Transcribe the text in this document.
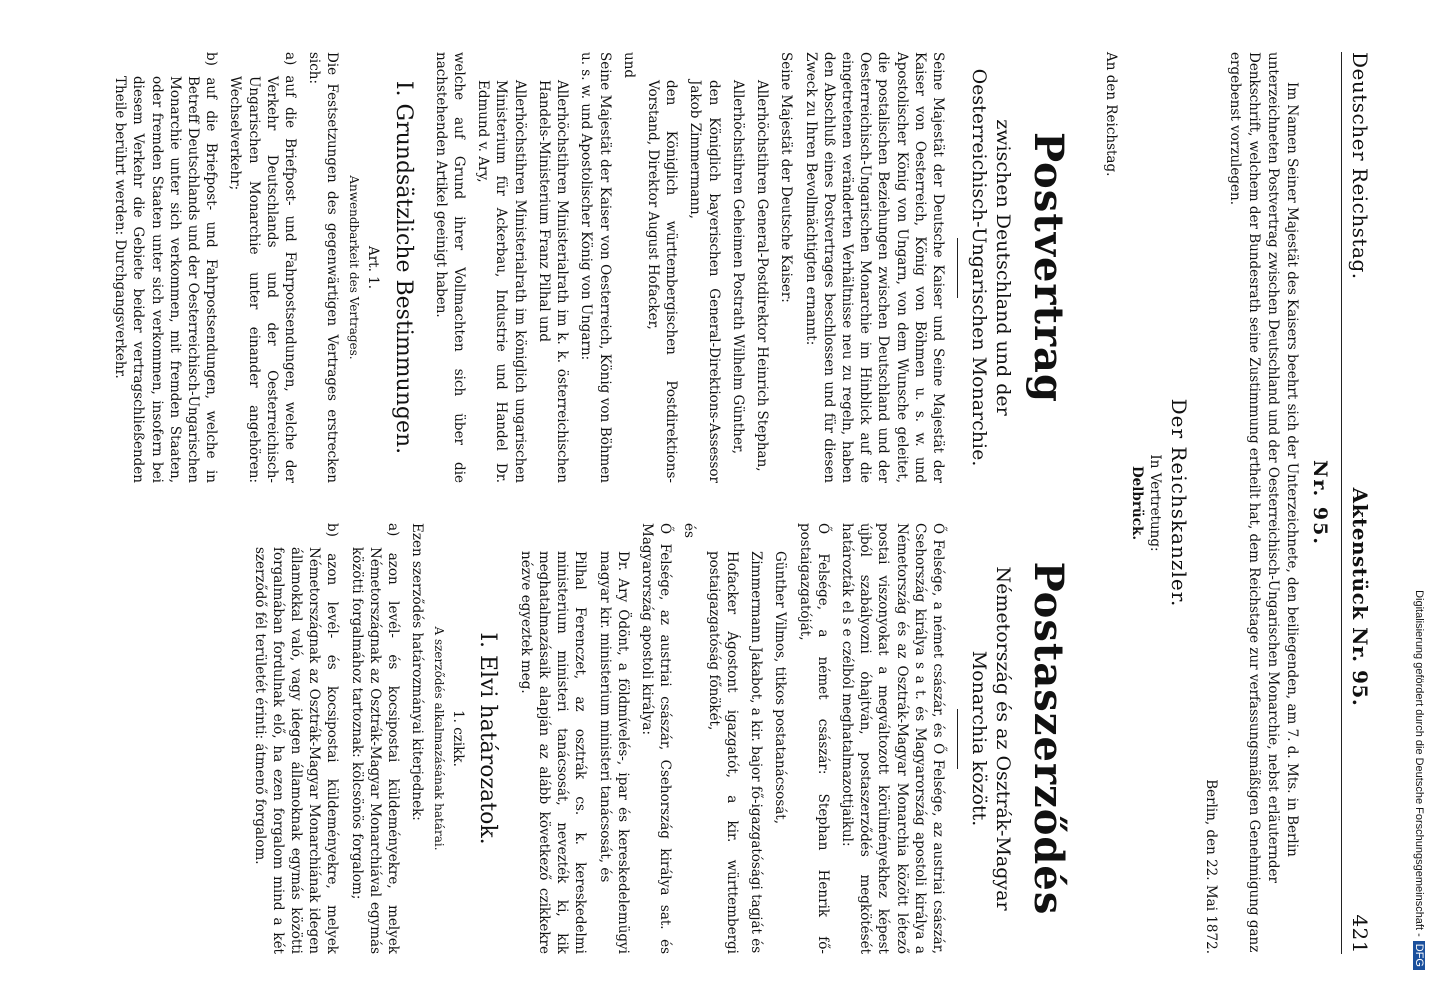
Deutscher Reichstag.
Aktenstück Nr. 95.
421
Nr. 95.

Im Namen Seiner Majestät des Kaisers beehrt sich der Unterzeichnete, den beiliegenden, am 7. d. Mts. in Berlin unterzeichneten Postvertrag zwischen Deutschland und der Oesterreichisch-Ungarischen Monarchie, nebst erläuternder Denkschrift, welchem der Bundesrath seine Zustimmung ertheilt hat, dem Reichstage zur verfassungsmäßigen Genehmigung ganz ergebenst vorzulegen.

Berlin, den 22. Mai 1872.
Der Reichskanzler.
In Vertretung:
Delbrück.
An den Reichstag.
Postvertrag
zwischen Deutschland und der Oesterreichisch-Ungarischen Monarchie.

Seine Majestät der Deutsche Kaiser und Seine Majestät der Kaiser von Oesterreich, König von Böhmen u. s. w. und Apostolischer König von Ungarn, von dem Wunsche geleitet, die postalischen Beziehungen zwischen Deutschland und der Oesterreichisch-Ungarischen Monarchie im Hinblick auf die eingetretenen veränderten Verhältnisse neu zu regeln, haben den Abschluß eines Postvertrages beschlossen und für diesen Zweck zu Ihren Bevollmächtigten ernannt:

Seine Majestät der Deutsche Kaiser:

Allerhöchstihren General-Postdirektor Heinrich Stephan,

Allerhöchstihren Geheimen Postrath Wilhelm Günther,

den Königlich bayerischen General-Direktions-Assessor Jakob Zimmermann,

den Königlich württembergischen Postdirektions-Vorstand, Direktor August Hofacker,

und

Seine Majestät der Kaiser von Oesterreich, König von Böhmen u. s. w. und Apostolischer König von Ungarn:

Allerhöchstihren Ministerialrath im k. k. österreichischen Handels-Ministerium Franz Pilhal und

Allerhöchstihren Ministerialrath im königlich ungarischen Ministerium für Ackerbau, Industrie und Handel Dr. Edmund v. Ary,

welche auf Grund ihrer Vollmachten sich über die nachstehenden Artikel geeinigt haben.

I. Grundsätzliche Bestimmungen.
Art. 1.
Anwendbarkeit des Vertrages.

Die Festsetzungen des gegenwärtigen Vertrages erstrecken sich:

a) auf die Briefpost- und Fahrpostsendungen, welche der Verkehr Deutschlands und der Oesterreichisch-Ungarischen Monarchie unter einander angehören: Wechselverkehr;

b) auf die Briefpost- und Fahrpostsendungen, welche in Betreff Deutschlands und der Oesterreichisch-Ungarischen Monarchie unter sich verkommen, mit fremden Staaten, oder fremden Staaten unter sich verkommen, insofern bei diesem Verkehr die Gebiete beider vertragschließenden Theile berührt werden: Durchgangsverkehr.

Postaszerződés
Németország és az Osztrák-Magyar Monarchia között.

Ő Felsége, a német császár, és Ő Felsége, az austriai császár, Csehország királya s a t. és Magyarország apostoli királya a Németország és az Osztrák-Magyar Monarchia között létező postai viszonyokat a megváltozott körülményekhez képest újból szabályozni óhajtván, postaszerződés megkötését határozták el s e czélból meghatalmazottjaikul:

Ő Felsége, a német császár: Stephan Henrik fő-postaigazgatóját,

Günther Vilmos, titkos postatanácsosát,

Zimmermann Jakabot, a kir. bajor fő-igazgatósági tagját és

Hofacker Ágostont igazgatót, a kir. württembergi postaigazgatóság főnökét,

és

Ő Felsége, az austriai császár, Csehország királya sat. és Magyarország apostoli királya:

Dr. Ary Ödönt, a földmívelés-, ipar és kereskedelemügyi magyar kir. ministerium ministeri tanácsosát, és

Pilhal Ferenczet, az osztrák cs. k. kereskedelmi ministerium ministeri tanácsosát, nevezték ki, kik meghatalmazásaik alapján az alább következő czikkekre nézve egyeztek meg.

I. Elvi határozatok.
1. czikk.
A szerződés alkalmazásának határai.

Ezen szerződés határozmányai kiterjednek:

a) azon levél- és kocsipostai küldeményekre, melyek Németországnak az Osztrák-Magyar Monarchiával egymás közötti forgalmához tartoznak: kölcsönös forgalom;

b) azon levél- és kocsipostai küldeményekre, melyek Németországnak az Osztrák-Magyar Monarchiának idegen államokkal való, vagy idegen államoknak egymás közötti forgalmában fordulnak elő, ha ezen forgalom mind a két szerződő fél területét érinti: átmenő forgalom.	Digitalisierung gefördert durch die Deutsche Forschungsgemeinschaft -DFG
